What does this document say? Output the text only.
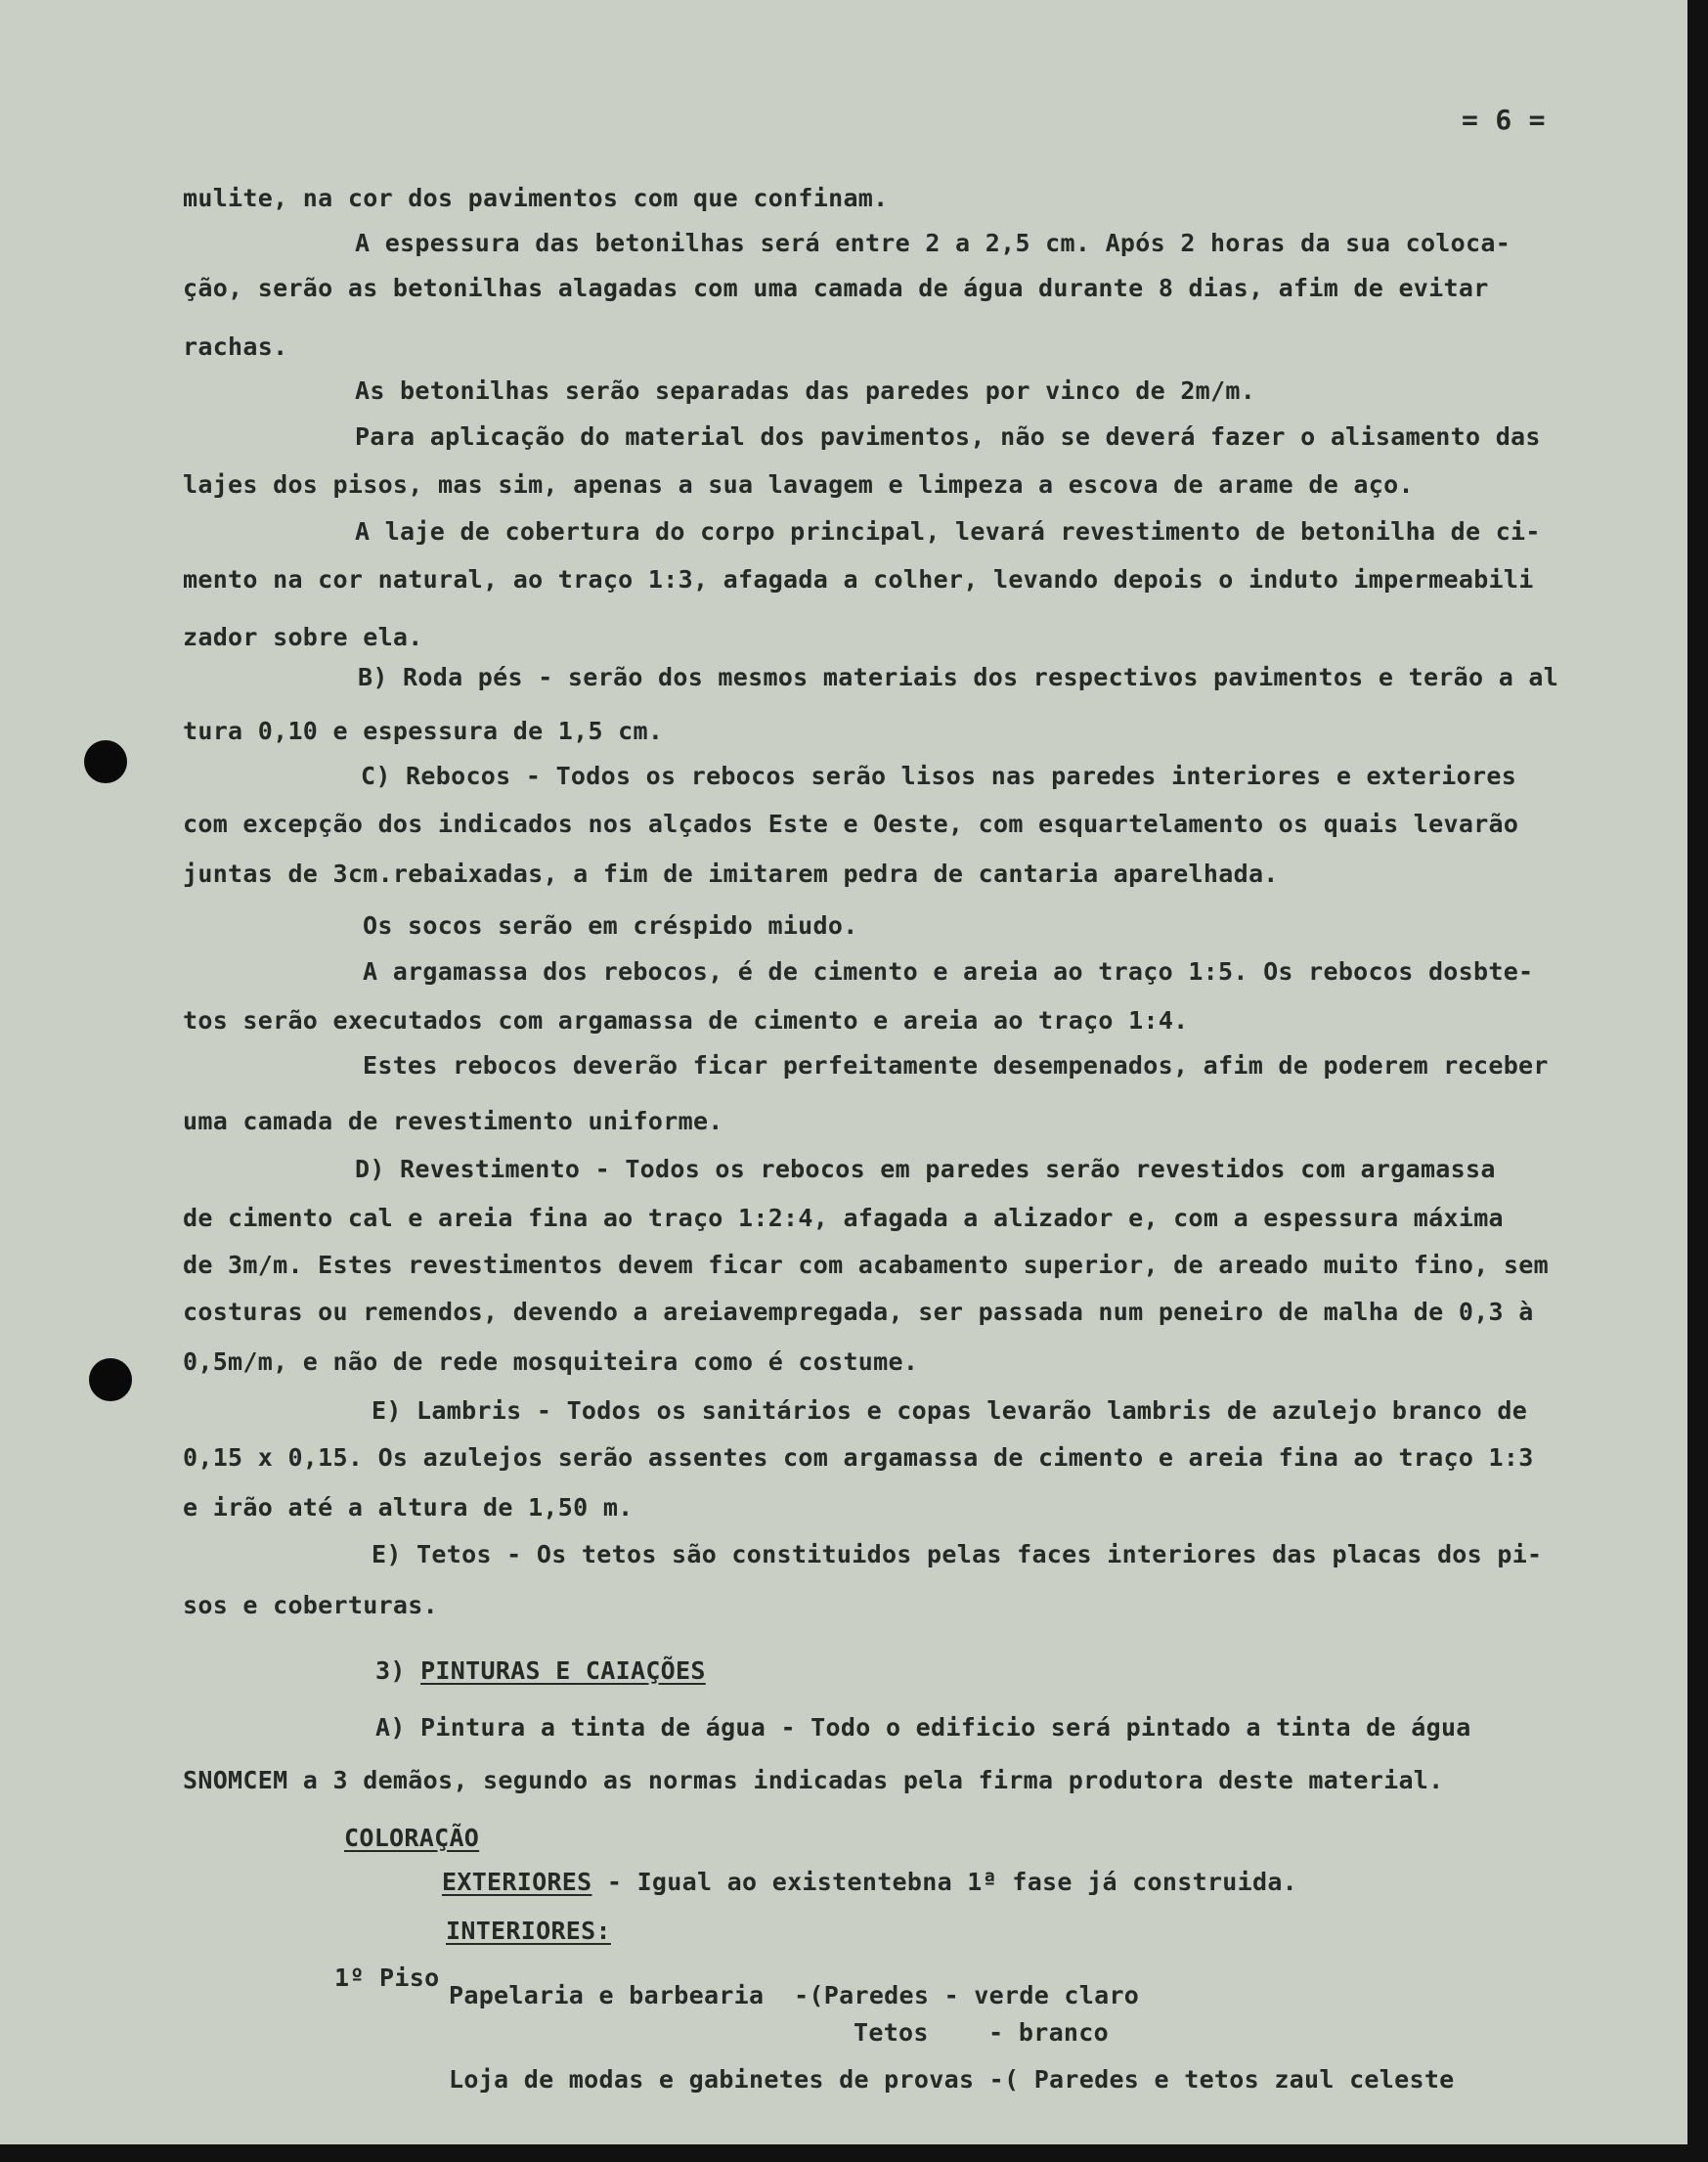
= 6 =
mulite, na cor dos pavimentos com que confinam.
A espessura das betonilhas será entre 2 a 2,5 cm. Após 2 horas da sua coloca-
ção, serão as betonilhas alagadas com uma camada de água durante 8 dias, afim de evitar
rachas.
As betonilhas serão separadas das paredes por vinco de 2m/m.
Para aplicação do material dos pavimentos, não se deverá fazer o alisamento das
lajes dos pisos, mas sim, apenas a sua lavagem e limpeza a escova de arame de aço.
A laje de cobertura do corpo principal, levará revestimento de betonilha de ci-
mento na cor natural, ao traço 1:3, afagada a colher, levando depois o induto impermeabili
zador sobre ela.
B) Roda pés - serão dos mesmos materiais dos respectivos pavimentos e terão a al
tura 0,10 e espessura de 1,5 cm.
C) Rebocos - Todos os rebocos serão lisos nas paredes interiores e exteriores
com excepção dos indicados nos alçados Este e Oeste, com esquartelamento os quais levarão
juntas de 3cm.rebaixadas, a fim de imitarem pedra de cantaria aparelhada.
Os socos serão em créspido miudo.
A argamassa dos rebocos, é de cimento e areia ao traço 1:5. Os rebocos dosbte-
tos serão executados com argamassa de cimento e areia ao traço 1:4.
Estes rebocos deverão ficar perfeitamente desempenados, afim de poderem receber
uma camada de revestimento uniforme.
D) Revestimento - Todos os rebocos em paredes serão revestidos com argamassa
de cimento cal e areia fina ao traço 1:2:4, afagada a alizador e, com a espessura máxima
de 3m/m. Estes revestimentos devem ficar com acabamento superior, de areado muito fino, sem
costuras ou remendos, devendo a areiavempregada, ser passada num peneiro de malha de 0,3 à
0,5m/m, e não de rede mosquiteira como é costume.
E) Lambris - Todos os sanitários e copas levarão lambris de azulejo branco de
0,15 x 0,15. Os azulejos serão assentes com argamassa de cimento e areia fina ao traço 1:3
e irão até a altura de 1,50 m.
E) Tetos - Os tetos são constituidos pelas faces interiores das placas dos pi-
sos e coberturas.
3) PINTURAS E CAIAÇÕES
A) Pintura a tinta de água - Todo o edificio será pintado a tinta de água
SNOMCEM a 3 demãos, segundo as normas indicadas pela firma produtora deste material.
COLORAÇÃO
EXTERIORES - Igual ao existentebna 1ª fase já construida.
INTERIORES:
1º Piso
Papelaria e barbearia  -(Paredes - verde claro
Tetos    - branco
Loja de modas e gabinetes de provas -( Paredes e tetos zaul celeste
